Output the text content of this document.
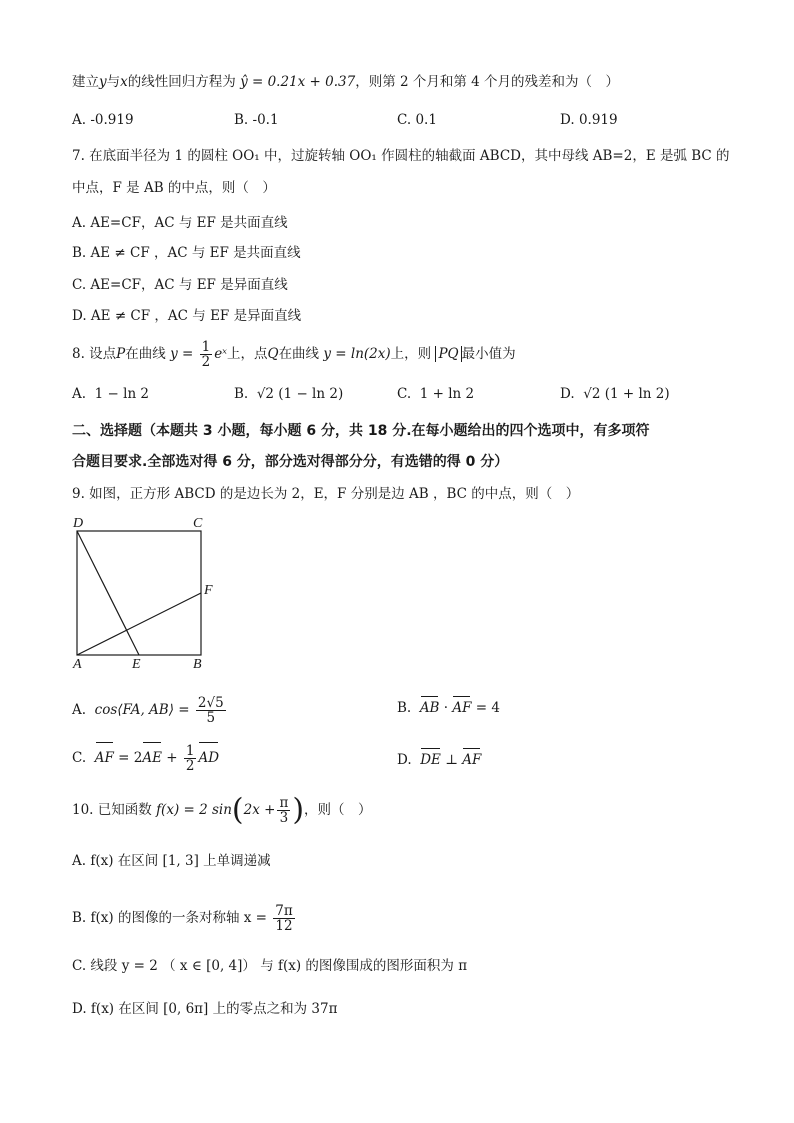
建立y与x的线性回归方程为 ŷ = 0.21x + 0.37，则第 2 个月和第 4 个月的残差和为（　）
A. -0.919	B. -0.1	C. 0.1	D. 0.919
7. 在底面半径为 1 的圆柱 OO₁ 中，过旋转轴 OO₁ 作圆柱的轴截面 ABCD，其中母线 AB=2，E 是弧 BC 的
中点，F 是 AB 的中点，则（　）
A. AE=CF，AC 与 EF 是共面直线
B. AE ≠ CF ，AC 与 EF 是共面直线
C. AE=CF，AC 与 EF 是异面直线
D. AE ≠ CF ，AC 与 EF 是异面直线
8. 设点P在曲线 $y = \frac{1}{2}$ eˣ上，点Q在曲线 y = ln(2x)上，则 PQ 最小值为
A. 1 − ln 2	B. √2 (1 − ln 2)	C. 1 + ln 2	D. √2 (1 + ln 2)
二、选择题（本题共 3 小题，每小题 6 分，共 18 分.在每小题给出的四个选项中，有多项符
合题目要求.全部选对得 6 分，部分选对得部分分，有选错的得 0 分）
9. 如图，正方形 ABCD 的是边长为 2，E，F 分别是边 AB ，BC 的中点，则（　）
D	C
F
A	E	B
A. cos⟨FA, AB⟩ = $\frac{2√5}{5}$	B. AB · AF = 4
C. AF = $2AE + \frac{1}{2}$ AD	D. DE ⊥ AF
10. 已知函数 f(x) = 2 $\sin(2x + \frac{\pi}{3}$ )，则（　）
A. f(x) 在区间 [1, 3] 上单调递减
B. f(x) 的图像的一条对称轴 $x = \frac{7\pi}{12}$
C. 线段 y = 2 （ x ∈ [0, 4]） 与 f(x) 的图像围成的图形面积为 π
D. f(x) 在区间 [0, 6π] 上的零点之和为 37π
